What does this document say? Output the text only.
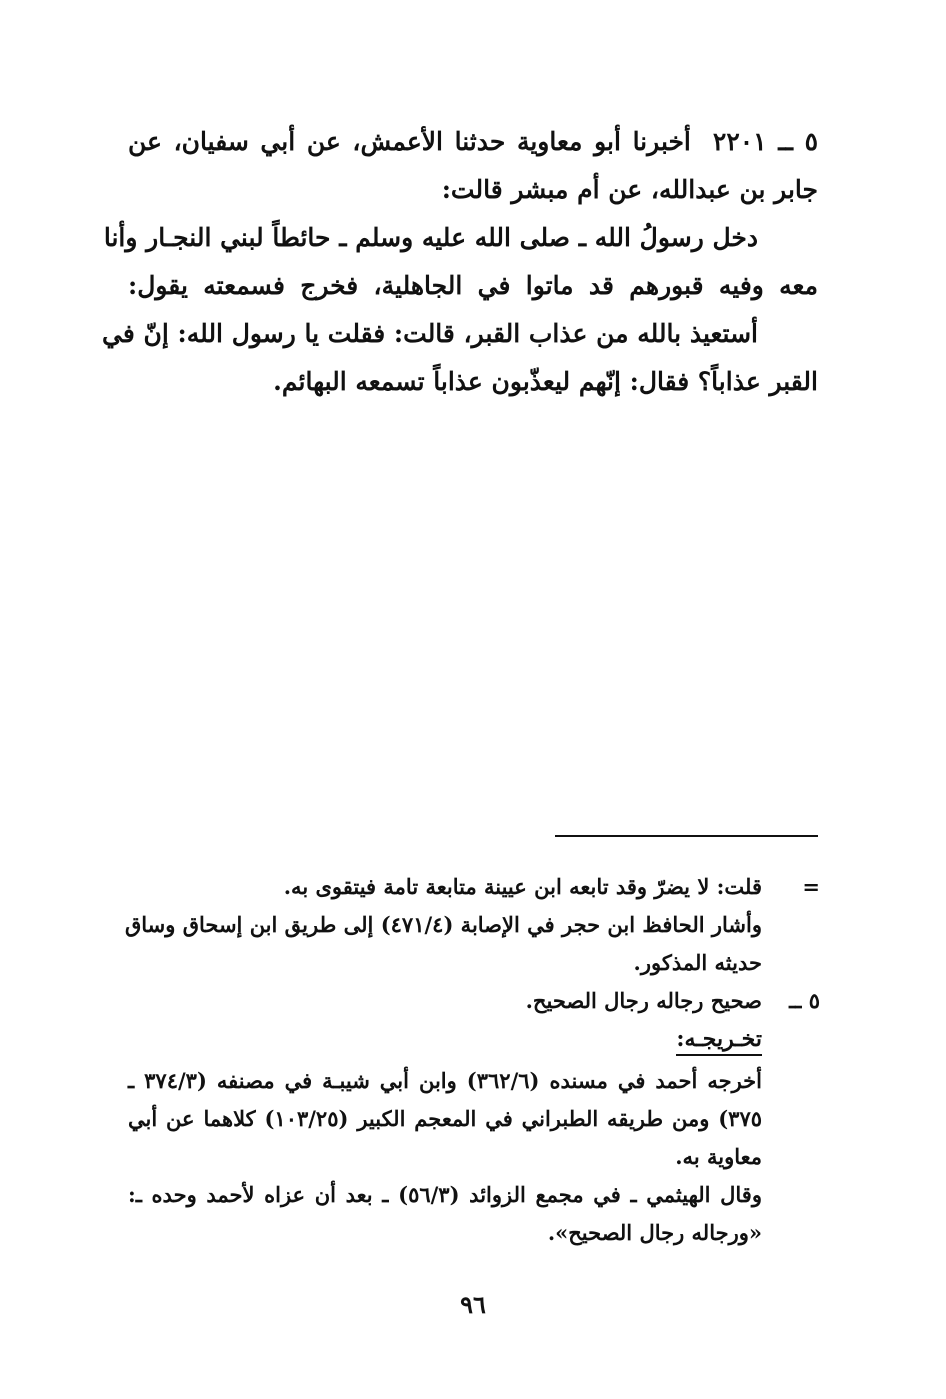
٥ ــ ٢٢٠١أخبرنا أبو معاوية حدثنا الأعمش، عن أبي سفيان، عن
جابر بن عبدالله، عن أم مبشر قالت:
دخل رسولُ الله ـ صلى الله عليه وسلم ـ حائطاً لبني النجـار وأنا
معه وفيه قبورهم قد ماتوا في الجاهلية، فخرج فسمعته يقول:
أستعيذ بالله من عذاب القبر، قالت: فقلت يا رسول الله: إنّ في
القبر عذاباً؟ فقال: إنّهم ليعذّبون عذاباً تسمعه البهائم.
=
قلت: لا يضرّ وقد تابعه ابن عيينة متابعة تامة فيتقوى به.
وأشار الحافظ ابن حجر في الإصابة (٤٧١/٤) إلى طريق ابن إسحاق وساق
حديثه المذكور.
٥ ــ
صحيح رجاله رجال الصحيح.
تخـريجـه:
أخرجه أحمد في مسنده (٣٦٢/٦) وابن أبي شيبـة في مصنفه (٣٧٤/٣ ـ
٣٧٥) ومن طريقه الطبراني في المعجم الكبير (١٠٣/٢٥) كلاهما عن أبي
معاوية به.
وقال الهيثمي ـ في مجمع الزوائد (٥٦/٣) ـ بعد أن عزاه لأحمد وحده ـ:
«ورجاله رجال الصحيح».
٩٦
